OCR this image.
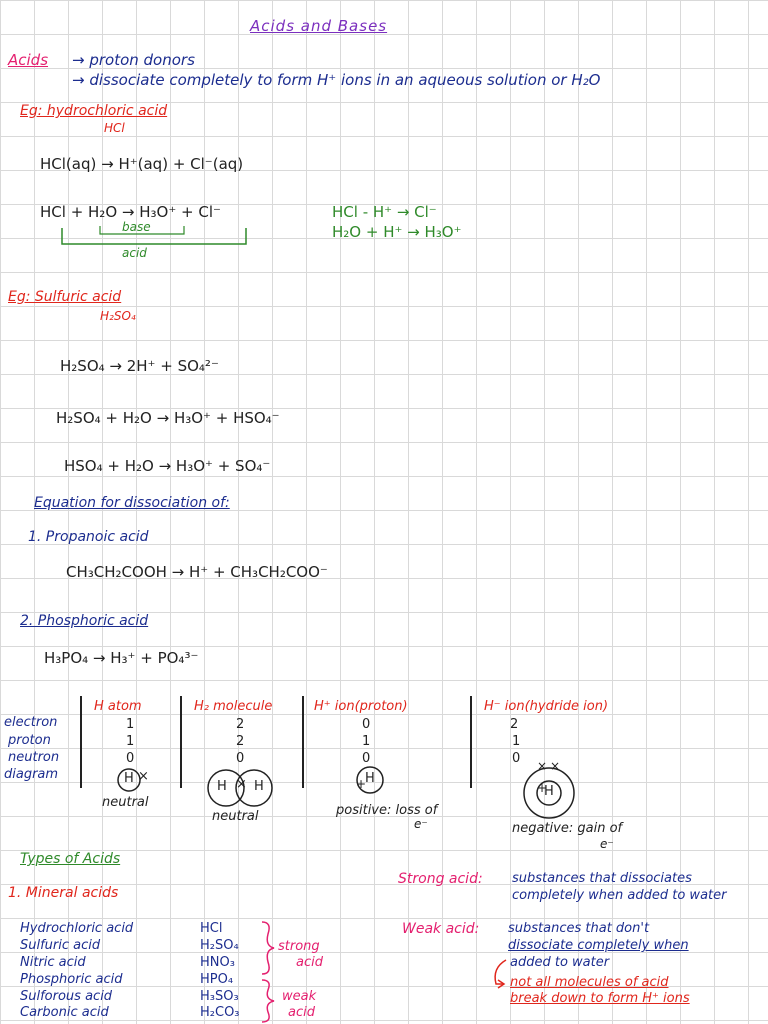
Acids and Bases
Acids → proton donors
→ dissociate completely to form H⁺ ions in an aqueous solution or H₂O
Eg: hydrochloric acid
HCl
HCl(aq) → H⁺(aq) + Cl⁻(aq)
HCl + H₂O → H₃O⁺ + Cl⁻
base
acid
HCl - H⁺ → Cl⁻
H₂O + H⁺ → H₃O⁺
Eg: Sulfuric acid
H₂SO₄
H₂SO₄ → 2H⁺ + SO₄²⁻
H₂SO₄ + H₂O → H₃O⁺ + HSO₄⁻
HSO₄ + H₂O → H₃O⁺ + SO₄⁻
Equation for dissociation of:
1. Propanoic acid
CH₃CH₂COOH → H⁺ + CH₃CH₂COO⁻
2. Phosphoric acid
H₃PO₄ → H₃⁺ + PO₄³⁻
electron
proton
neutron
diagram
H atom
1
1
0
H ×
neutral
H₂ molecule
2
2
0
H H
×
neutral
H⁺ ion(proton)
0
1
0
H
+
positive: loss of
e⁻
H⁻ ion(hydride ion)
2
1
0
H
+
× ×
negative: gain of
e⁻
Types of Acids
1. Mineral acids
Hydrochloric acid
Sulfuric acid
Nitric acid
Phosphoric acid
Sulforous acid
Carbonic acid
HCl
H₂SO₄
HNO₃
HPO₄
H₃SO₃
H₂CO₃
strong
acid
weak
acid
Strong acid: substances that dissociates
completely when added to water
Weak acid: substances that don't
dissociate completely when
added to water
not all molecules of acid
break down to form H⁺ ions
